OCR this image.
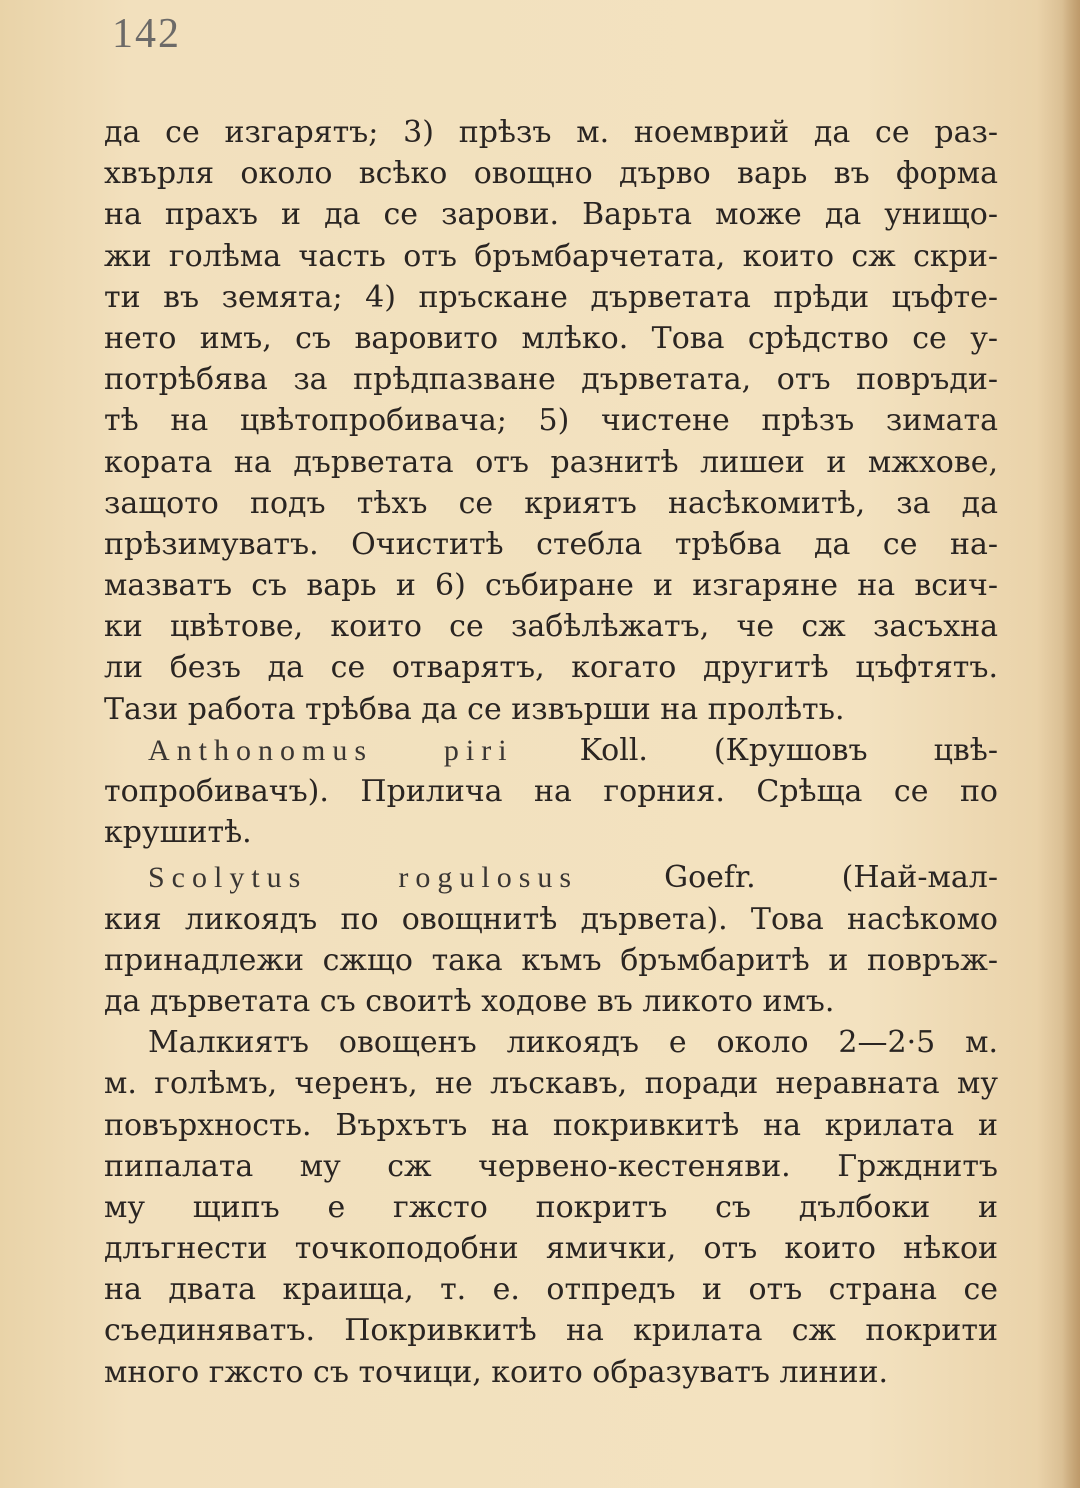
142
да се изгарятъ; 3) прѣзъ м. ноемврий да се раз-
хвърля около всѣко овощно дърво варь въ форма
на прахъ и да се зарови. Варьта може да унищо-
жи голѣма часть отъ бръмбарчетата, които сж скри-
ти въ земята; 4) пръскане дърветата прѣди цъфте-
нето имъ, съ варовито млѣко. Това срѣдство се у-
потрѣбява за прѣдпазване дърветата, отъ повръди-
тѣ на цвѣтопробивача; 5) чистене прѣзъ зимата
кората на дърветата отъ разнитѣ лишеи и мжхове,
защото подъ тѣхъ се криятъ насѣкомитѣ, за да
прѣзимуватъ. Очиститѣ стебла трѣбва да се на-
мазватъ съ варь и 6) събиране и изгаряне на всич-
ки цвѣтове, които се забѣлѣжатъ, че сж засъхна
ли безъ да се отварятъ, когато другитѣ цъфтятъ.
Тази работа трѣбва да се извърши на пролѣть.
Anthonomus piri Koll. (Крушовъ цвѣ-
топробивачъ). Прилича на горния. Срѣща се по
крушитѣ.
Scolytus rogulosus	Goefr. (Най-мал-
кия ликоядъ по овощнитѣ дървета). Това насѣкомо
принадлежи сжщо така къмъ бръмбаритѣ и повръж-
да дърветата съ своитѣ ходове въ ликото имъ.
Малкиятъ овощенъ ликоядъ е около 2—2·5 м.
м. голѣмъ, черенъ, не лъскавъ, поради неравната му
повърхность. Върхътъ на покривкитѣ на крилата и
пипалата му сж червено-кестеняви. Гржднитъ
му щипъ е гжсто покритъ съ дълбоки и
длъгнести точкоподобни ямички, отъ които нѣкои
на двата краища, т. е. отпредъ и отъ страна се
съединяватъ. Покривкитѣ на крилата сж покрити
много гжсто съ точици, които образуватъ линии.
